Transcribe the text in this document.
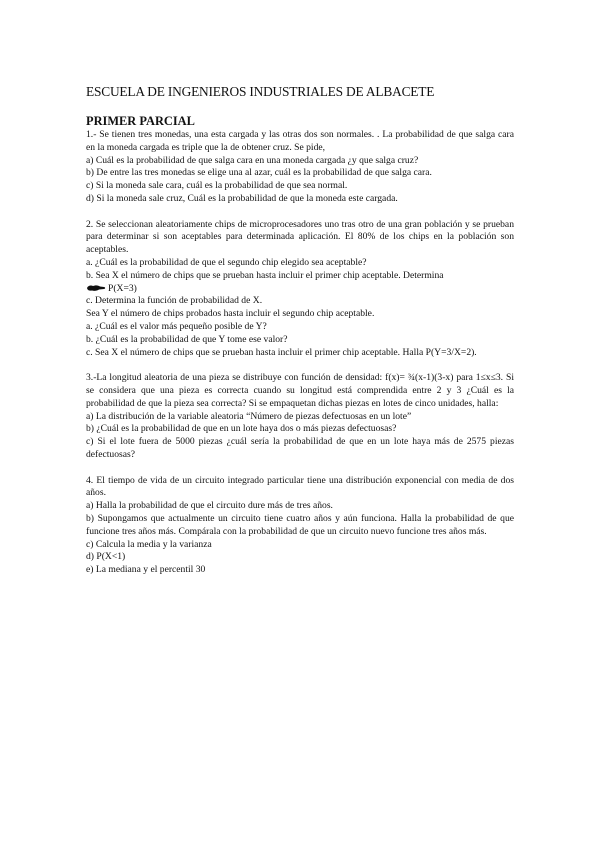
ESCUELA DE INGENIEROS INDUSTRIALES DE ALBACETE
PRIMER PARCIAL

1.- Se tienen tres monedas, una esta cargada y las otras dos son normales. . La probabilidad de que salga cara en la moneda cargada es triple que la de obtener cruz. Se pide,

a) Cuál es la probabilidad de que salga cara en una moneda cargada ¿y que salga cruz?

b) De entre las tres monedas se elige una al azar, cuál es la probabilidad de que salga cara.

c) Si la moneda sale cara, cuál es la probabilidad de que sea normal.

d) Si la moneda sale cruz, Cuál es la probabilidad de que la moneda este cargada.

2. Se seleccionan aleatoriamente chips de microprocesadores uno tras otro de una gran población y se prueban para determinar si son aceptables para determinada aplicación. El 80% de los chips en la población son aceptables.

a. ¿Cuál es la probabilidad de que el segundo chip elegido sea aceptable?

b. Sea X el número de chips que se prueban hasta incluir el primer chip aceptable. Determina

P(X=3)

c. Determina la función de probabilidad de X.

Sea Y el número de chips probados hasta incluir el segundo chip aceptable.

a. ¿Cuál es el valor más pequeño posible de Y?

b. ¿Cuál es la probabilidad de que Y tome ese valor?

c. Sea X el número de chips que se prueban hasta incluir el primer chip aceptable. Halla P(Y=3/X=2).

3.-La longitud aleatoria de una pieza se distribuye con función de densidad: f(x)= ¾(x-1)(3-x) para 1≤x≤3. Si se considera que una pieza es correcta cuando su longitud está comprendida entre 2 y 3 ¿Cuál es la probabilidad de que la pieza sea correcta? Si se empaquetan dichas piezas en lotes de cinco unidades, halla:

a) La distribución de la variable aleatoria “Número de piezas defectuosas en un lote”

b) ¿Cuál es la probabilidad de que en un lote haya dos o más piezas defectuosas?

c) Si el lote fuera de 5000 piezas ¿cuál sería la probabilidad de que en un lote haya más de 2575 piezas defectuosas?

4. El tiempo de vida de un circuito integrado particular tiene una distribución exponencial con media de dos años.

a) Halla la probabilidad de que el circuito dure más de tres años.

b) Supongamos que actualmente un circuito tiene cuatro años y aún funciona. Halla la probabilidad de que funcione tres años más. Compárala con la probabilidad de que un circuito nuevo funcione tres años más.

c) Calcula la media y la varianza

d) P(X<1)

e) La mediana y el percentil 30
